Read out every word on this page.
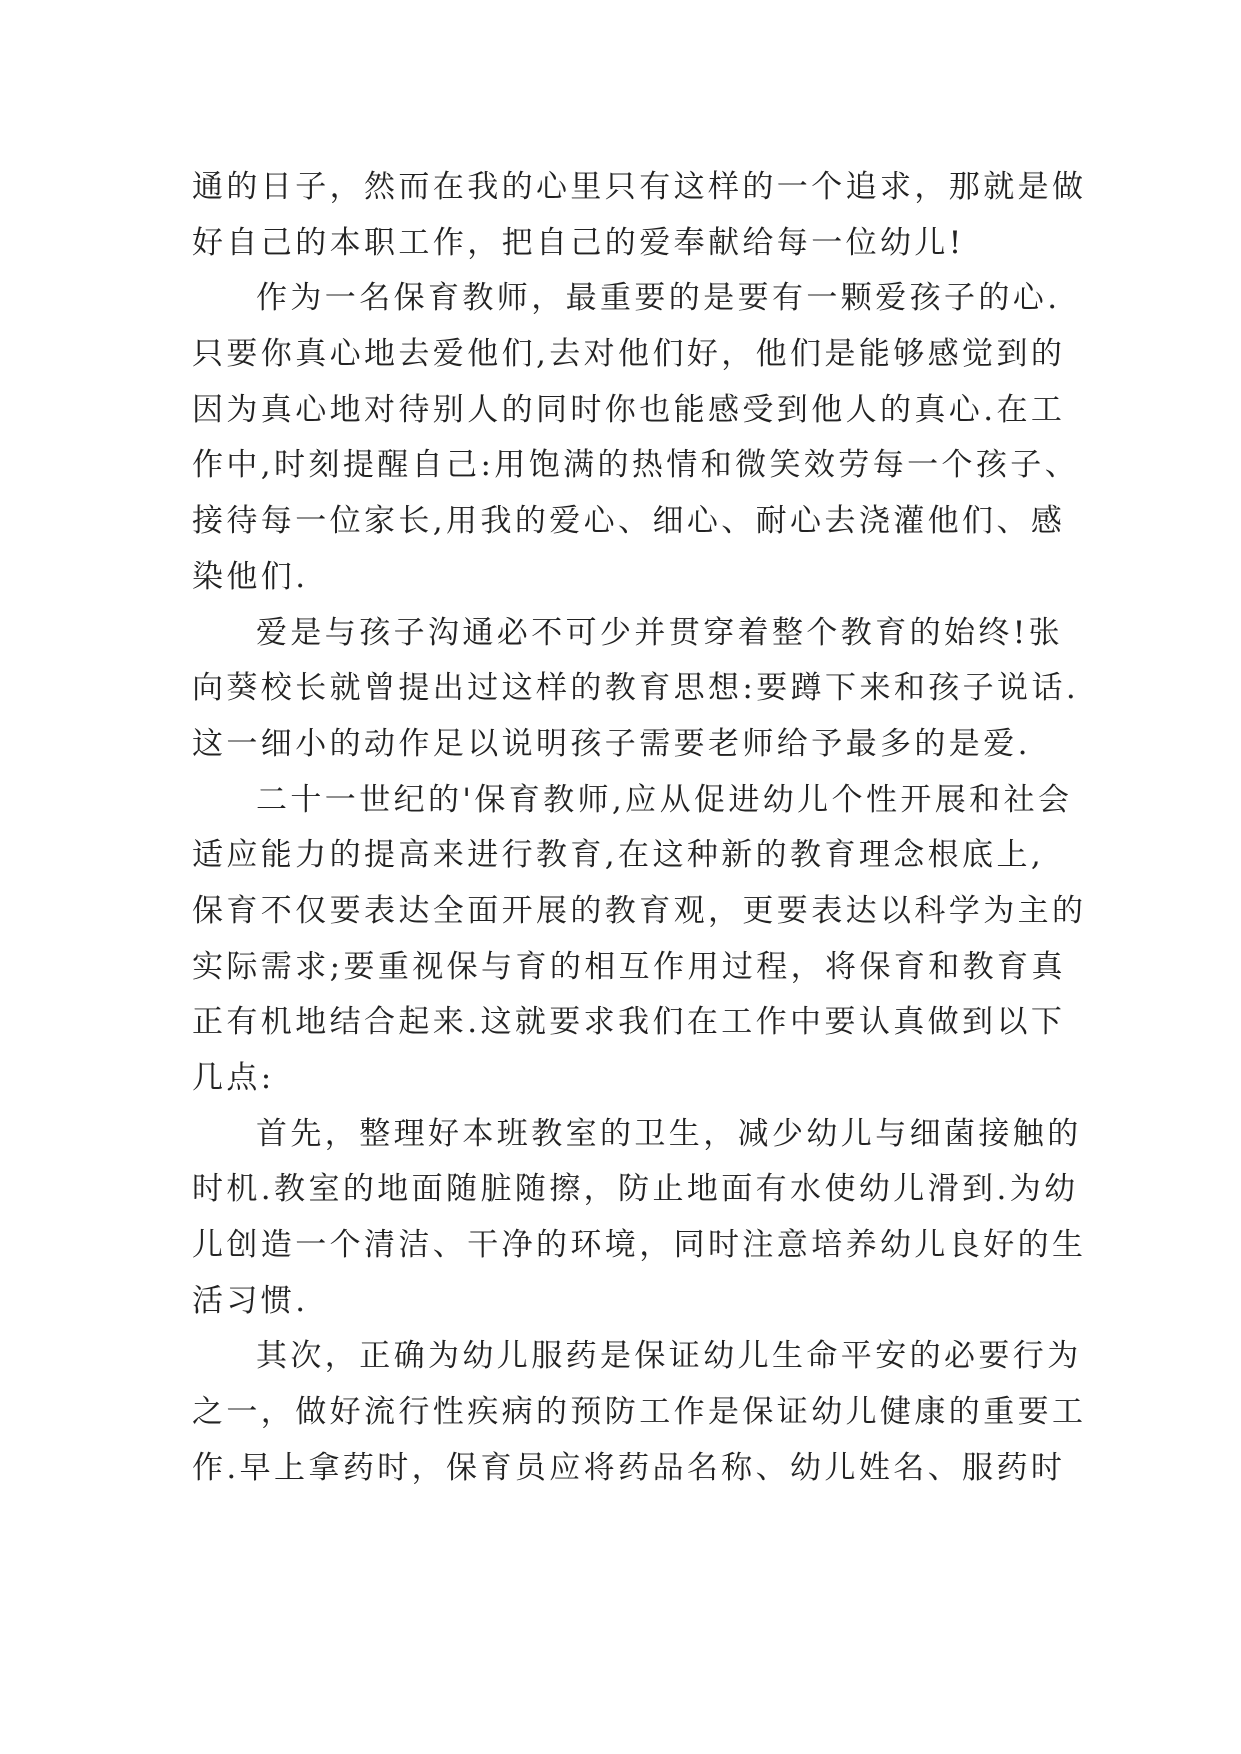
通的日子，然而在我的心里只有这样的一个追求，那就是做
好自己的本职工作，把自己的爱奉献给每一位幼儿!
作为一名保育教师，最重要的是要有一颗爱孩子的心.
只要你真心地去爱他们,去对他们好，他们是能够感觉到的
因为真心地对待别人的同时你也能感受到他人的真心.在工
作中,时刻提醒自己:用饱满的热情和微笑效劳每一个孩子、
接待每一位家长,用我的爱心、细心、耐心去浇灌他们、感
染他们.
爱是与孩子沟通必不可少并贯穿着整个教育的始终!张
向葵校长就曾提出过这样的教育思想:要蹲下来和孩子说话.
这一细小的动作足以说明孩子需要老师给予最多的是爱.
二十一世纪的'保育教师,应从促进幼儿个性开展和社会
适应能力的提高来进行教育,在这种新的教育理念根底上,
保育不仅要表达全面开展的教育观，更要表达以科学为主的
实际需求;要重视保与育的相互作用过程，将保育和教育真
正有机地结合起来.这就要求我们在工作中要认真做到以下
几点:
首先，整理好本班教室的卫生，减少幼儿与细菌接触的
时机.教室的地面随脏随擦，防止地面有水使幼儿滑到.为幼
儿创造一个清洁、干净的环境，同时注意培养幼儿良好的生
活习惯.
其次，正确为幼儿服药是保证幼儿生命平安的必要行为
之一，做好流行性疾病的预防工作是保证幼儿健康的重要工
作.早上拿药时，保育员应将药品名称、幼儿姓名、服药时
